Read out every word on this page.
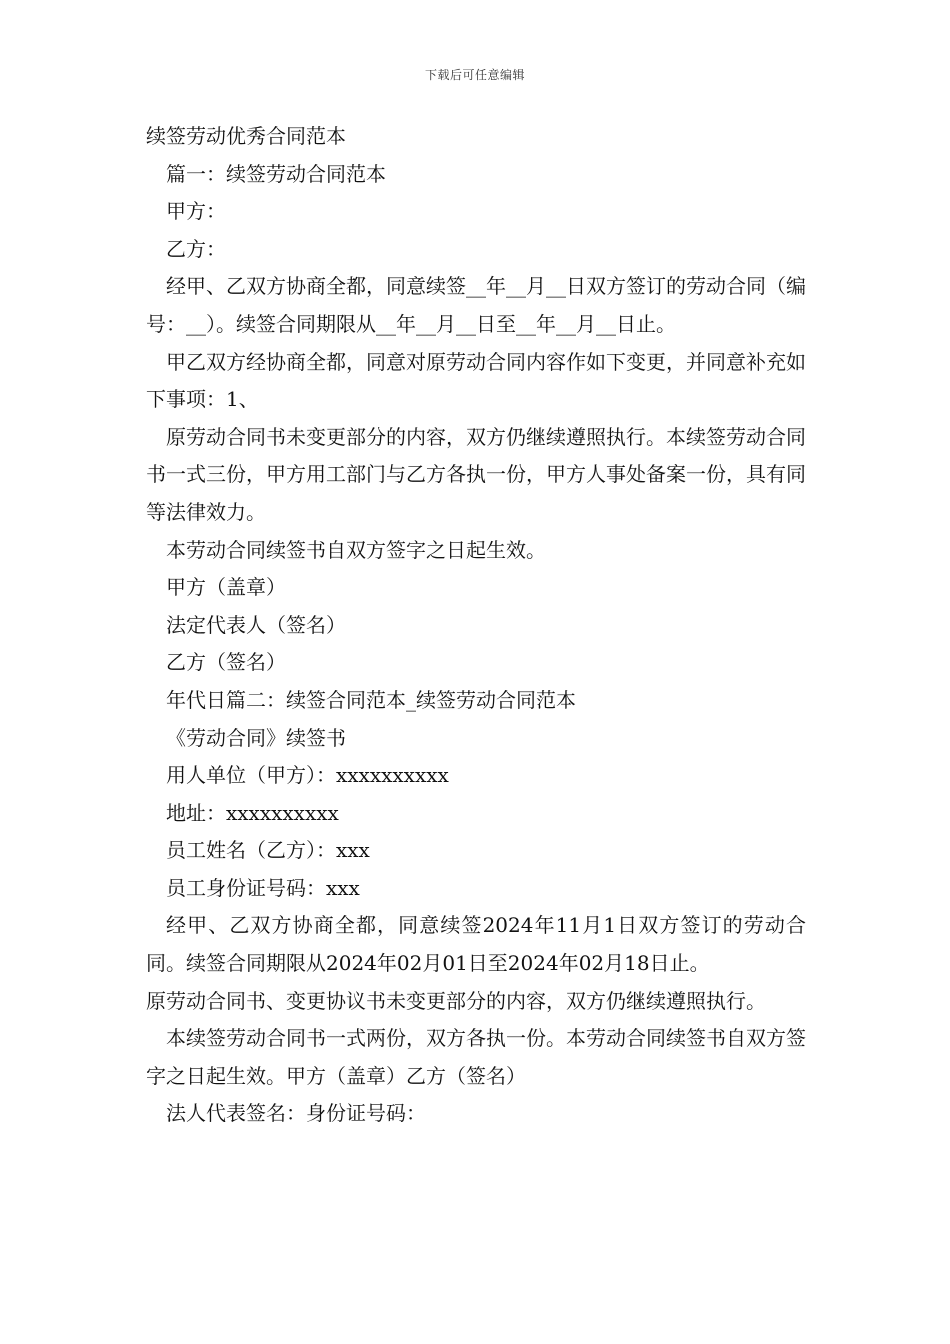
下载后可任意编辑

续签劳动优秀合同范本

篇一：续签劳动合同范本

甲方：

乙方：

经甲、乙双方协商全都，同意续签__年__月__日双方签订的劳动合同（编号：__）。续签合同期限从__年__月__日至__年__月__日止。

甲乙双方经协商全都，同意对原劳动合同内容作如下变更，并同意补充如下事项：1、

原劳动合同书未变更部分的内容，双方仍继续遵照执行。本续签劳动合同书一式三份，甲方用工部门与乙方各执一份，甲方人事处备案一份，具有同等法律效力。

本劳动合同续签书自双方签字之日起生效。

甲方（盖章）

法定代表人（签名）

乙方（签名）

年代日篇二：续签合同范本_续签劳动合同范本

《劳动合同》续签书

用人单位（甲方）：xxxxxxxxxx

地址：xxxxxxxxxx

员工姓名（乙方）：xxx

员工身份证号码：xxx

经甲、乙双方协商全都，同意续签2024年11月1日双方签订的劳动合同。续签合同期限从2024年02月01日至2024年02月18日止。

原劳动合同书、变更协议书未变更部分的内容，双方仍继续遵照执行。

本续签劳动合同书一式两份，双方各执一份。本劳动合同续签书自双方签字之日起生效。甲方（盖章）乙方（签名）

法人代表签名：身份证号码：
